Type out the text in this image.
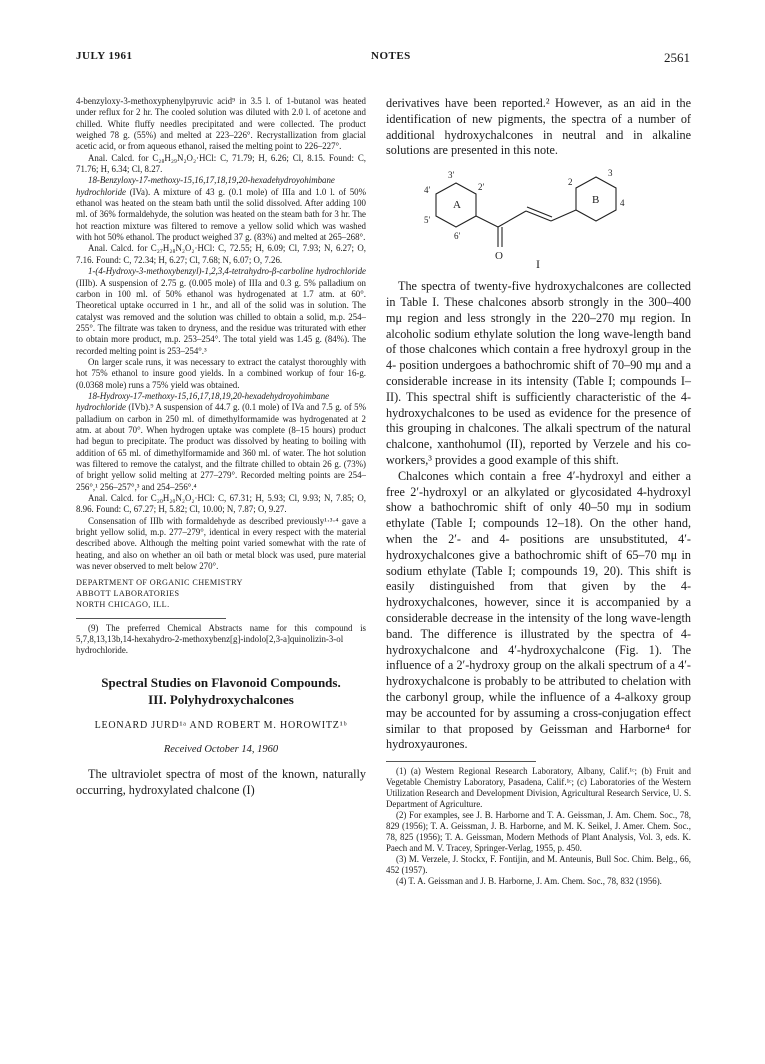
JULY 1961	NOTES	2561

4-benzyloxy-3-methoxyphenylpyruvic acid⁹ in 3.5 l. of 1-butanol was heated under reflux for 2 hr. The cooled solution was diluted with 2.0 l. of acetone and chilled. White fluffy needles precipitated and were collected. The product weighed 78 g. (55%) and melted at 223–226°. Recrystallization from glacial acetic acid, or from aqueous ethanol, raised the melting point to 226–227°.

Anal. Calcd. for C₂₈H₂₉N₂O₂·HCl: C, 71.79; H, 6.26; Cl, 8.15. Found: C, 71.76; H, 6.34; Cl, 8.27.

18-Benzyloxy-17-methoxy-15,16,17,18,19,20-hexadehydroyohimbane hydrochloride (IVa). A mixture of 43 g. (0.1 mole) of IIIa and 1.0 l. of 50% ethanol was heated on the steam bath until the solid dissolved. After adding 100 ml. of 36% formaldehyde, the solution was heated on the steam bath for 3 hr. The hot reaction mixture was filtered to remove a yellow solid which was washed with hot 50% ethanol. The product weighed 37 g. (83%) and melted at 265–268°.

Anal. Calcd. for C₂₇H₂₈N₂O₂·HCl: C, 72.55; H, 6.09; Cl, 7.93; N, 6.27; O, 7.16. Found: C, 72.34; H, 6.27; Cl, 7.68; N, 6.07; O, 7.26.

1-(4-Hydroxy-3-methoxybenzyl)-1,2,3,4-tetrahydro-β-carboline hydrochloride (IIIb). A suspension of 2.75 g. (0.005 mole) of IIIa and 0.3 g. 5% palladium on carbon in 100 ml. of 50% ethanol was hydrogenated at 1.7 atm. at 60°. Theoretical uptake occurred in 1 hr., and all of the solid was in solution. The catalyst was removed and the solution was chilled to obtain a solid, m.p. 254–255°. The filtrate was taken to dryness, and the residue was triturated with ether to obtain more product, m.p. 253–254°. The total yield was 1.45 g. (84%). The recorded melting point is 253–254°.³

On larger scale runs, it was necessary to extract the catalyst thoroughly with hot 75% ethanol to insure good yields. In a combined workup of four 16-g. (0.0368 mole) runs a 75% yield was obtained.

18-Hydroxy-17-methoxy-15,16,17,18,19,20-hexadehydroyohimbane hydrochloride (IVb).⁹ A suspension of 44.7 g. (0.1 mole) of IVa and 7.5 g. of 5% palladium on carbon in 250 ml. of dimethylformamide was hydrogenated at 2 atm. at about 70°. When hydrogen uptake was complete (8–15 hours) product had begun to precipitate. The product was dissolved by heating to boiling with addition of 65 ml. of dimethylformamide and 360 ml. of water. The hot solution was filtered to remove the catalyst, and the filtrate chilled to obtain 26 g. (73%) of bright yellow solid melting at 277–279°. Recorded melting points are 254–256°,¹ 256–257°,³ and 254–256°.⁴

Anal. Calcd. for C₂₀H₂₀N₂O₂·HCl: C, 67.31; H, 5.93; Cl, 9.93; N, 7.85; O, 8.96. Found: C, 67.27; H, 5.82; Cl, 10.00; N, 7.87; O, 9.27.

Consensation of IIIb with formaldehyde as described previously¹·³·⁴ gave a bright yellow solid, m.p. 277–279°, identical in every respect with the material described above. Although the melting point varied somewhat with the rate of heating, and also on whether an oil bath or metal block was used, pure material was never observed to melt below 270°.

DEPARTMENT OF ORGANIC CHEMISTRY
ABBOTT LABORATORIES
NORTH CHICAGO, ILL.

(9) The preferred Chemical Abstracts name for this compound is 5,7,8,13,13b,14-hexahydro-2-methoxybenz[g]-indolo[2,3-a]quinolizin-3-ol hydrochloride.

Spectral Studies on Flavonoid Compounds.
III. Polyhydroxychalcones
LEONARD JURD¹ᵃ AND ROBERT M. HOROWITZ¹ᵇ
Received October 14, 1960

The ultraviolet spectra of most of the known, naturally occurring, hydroxylated chalcone (I)

derivatives have been reported.² However, as an aid in the identification of new pigments, the spectra of a number of additional hydroxychalcones in neutral and in alkaline solutions are presented in this note.

A	B
3′
2′
4′
5′
6′
3
2
4
O
I

The spectra of twenty-five hydroxychalcones are collected in Table I. These chalcones absorb strongly in the 300–400 mμ region and less strongly in the 220–270 mμ region. In alcoholic sodium ethylate solution the long wave-length band of those chalcones which contain a free hydroxyl group in the 4- position undergoes a bathochromic shift of 70–90 mμ and a considerable increase in its intensity (Table I; compounds I–II). This spectral shift is sufficiently characteristic of the 4-hydroxychalcones to be used as evidence for the presence of this grouping in chalcones. The alkali spectrum of the natural chalcone, xanthohumol (II), reported by Verzele and his co-workers,³ provides a good example of this shift.

Chalcones which contain a free 4′-hydroxyl and either a free 2′-hydroxyl or an alkylated or glycosidated 4-hydroxyl show a bathochromic shift of only 40–50 mμ in sodium ethylate (Table I; compounds 12–18). On the other hand, when the 2′- and 4- positions are unsubstituted, 4′-hydroxychalcones give a bathochromic shift of 65–70 mμ in sodium ethylate (Table I; compounds 19, 20). This shift is easily distinguished from that given by the 4-hydroxychalcones, however, since it is accompanied by a considerable decrease in the intensity of the long wave-length band. The difference is illustrated by the spectra of 4-hydroxychalcone and 4′-hydroxychalcone (Fig. 1). The influence of a 2′-hydroxy group on the alkali spectrum of a 4′-hydroxychalcone is probably to be attributed to chelation with the carbonyl group, while the influence of a 4-alkoxy group may be accounted for by assuming a cross-conjugation effect similar to that proposed by Geissman and Harborne⁴ for hydroxyaurones.

(1) (a) Western Regional Research Laboratory, Albany, Calif.¹ᶜ; (b) Fruit and Vegetable Chemistry Laboratory, Pasadena, Calif.¹ᶜ; (c) Laboratories of the Western Utilization Research and Development Division, Agricultural Research Service, U. S. Department of Agriculture.

(2) For examples, see J. B. Harborne and T. A. Geissman, J. Am. Chem. Soc., 78, 829 (1956); T. A. Geissman, J. B. Harborne, and M. K. Seikel, J. Amer. Chem. Soc., 78, 825 (1956); T. A. Geissman, Modern Methods of Plant Analysis, Vol. 3, eds. K. Paech and M. V. Tracey, Springer-Verlag, 1955, p. 450.

(3) M. Verzele, J. Stockx, F. Fontijin, and M. Anteunis, Bull Soc. Chim. Belg., 66, 452 (1957).

(4) T. A. Geissman and J. B. Harborne, J. Am. Chem. Soc., 78, 832 (1956).
